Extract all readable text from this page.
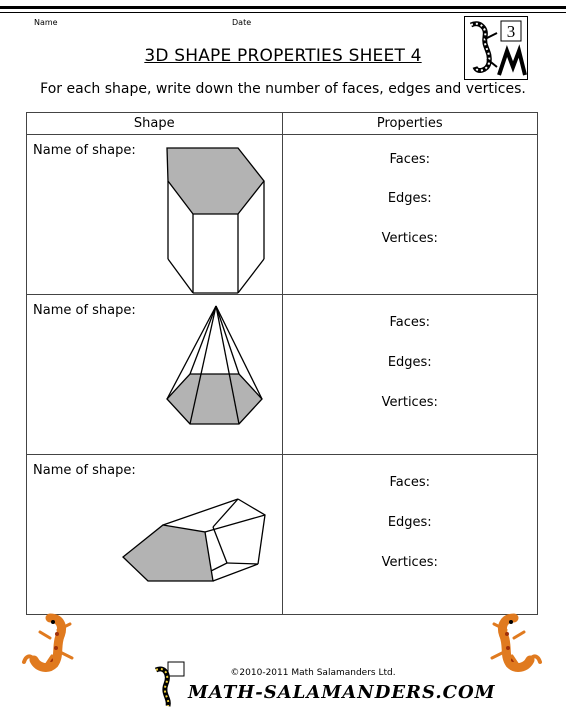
Name	Date	3
3D SHAPE PROPERTIES SHEET 4
For each shape, write down the number of faces, edges and vertices.
Shape	Properties

Name of shape:	Faces:
Edges:
Vertices:

Name of shape:	Faces:
Edges:
Vertices:

Name of shape:	Faces:
Edges:
Vertices:
©2010-2011 Math Salamanders Ltd.
MATH-SALAMANDERS.COM
